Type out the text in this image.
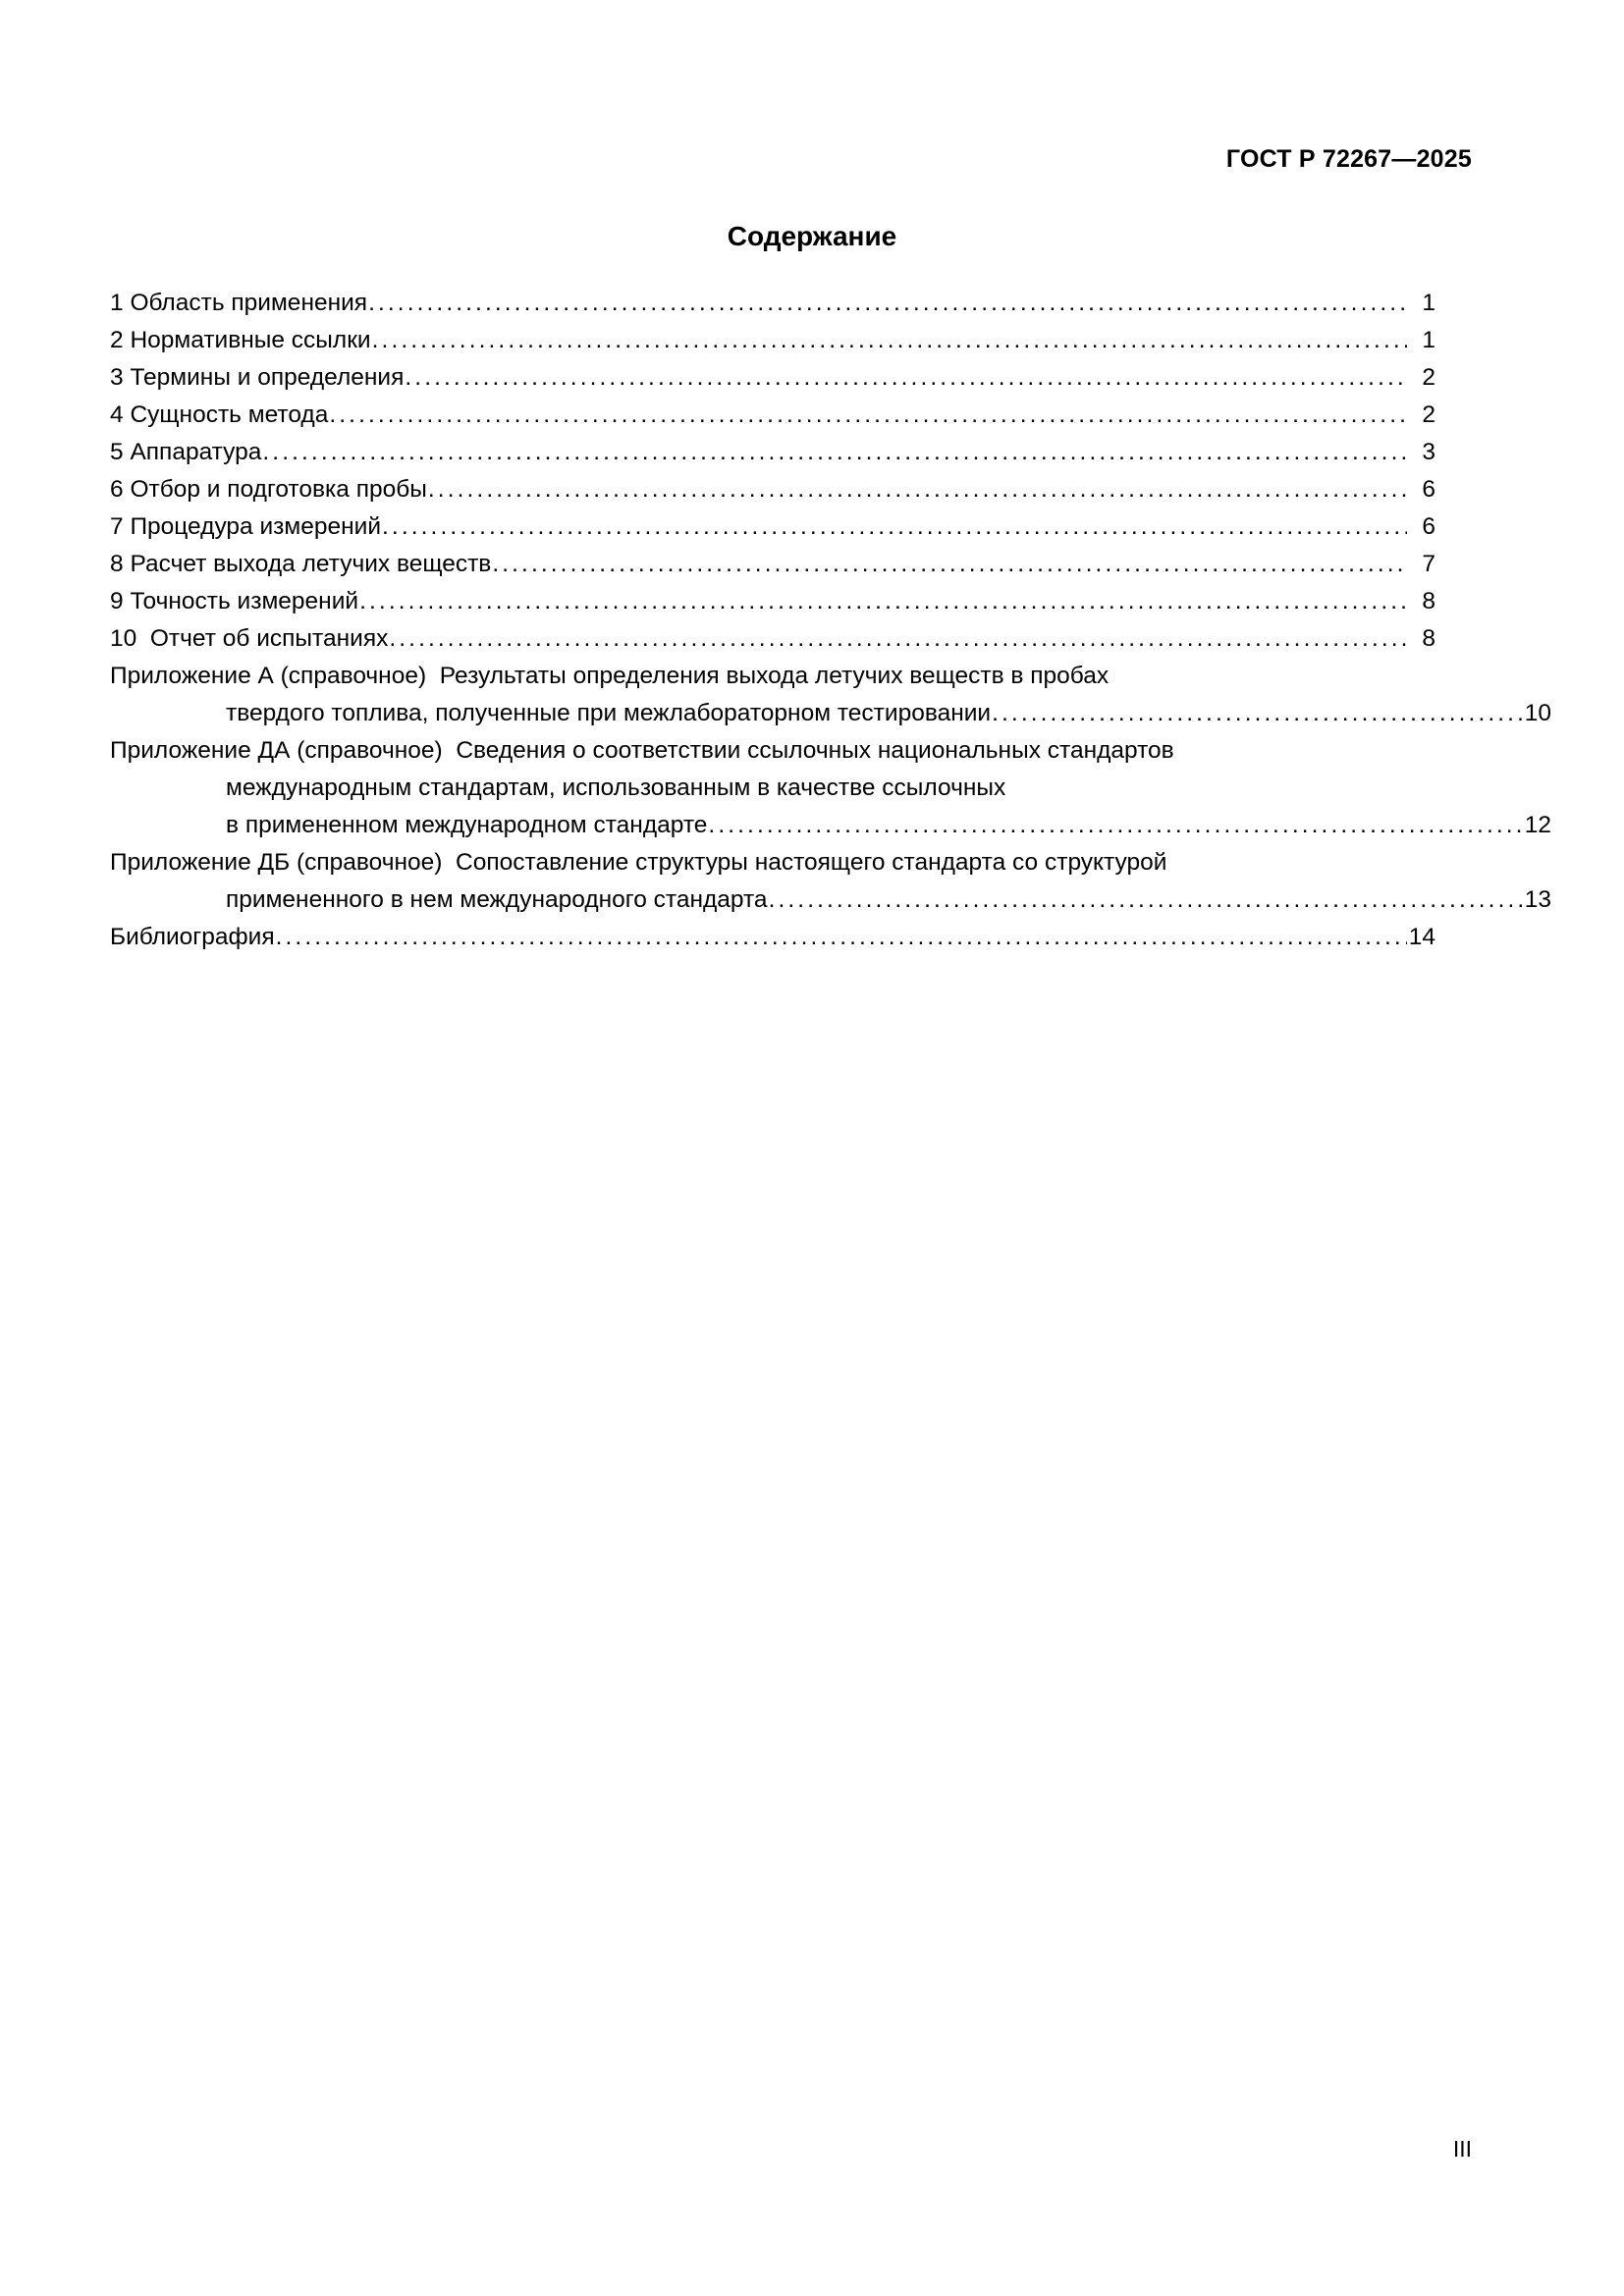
ГОСТ Р 72267—2025
Содержание
1 Область применения .....	1
2 Нормативные ссылки .....	1
3 Термины и определения .....	2
4 Сущность метода .....	2
5 Аппаратура .....	3
6 Отбор и подготовка пробы .....	6
7 Процедура измерений .....	6
8 Расчет выхода летучих веществ .....	7
9 Точность измерений .....	8
10 Отчет об испытаниях .....	8
Приложение А (справочное)  Результаты определения выхода летучих веществ в пробах
твердого топлива, полученные при межлабораторном тестировании .....	10
Приложение ДА (справочное)  Сведения о соответствии ссылочных национальных стандартов
международным стандартам, использованным в качестве ссылочных
в примененном международном стандарте .....	12
Приложение ДБ (справочное)  Сопоставление структуры настоящего стандарта со структурой
примененного в нем международного стандарта .....	13
Библиография .....	14
III
